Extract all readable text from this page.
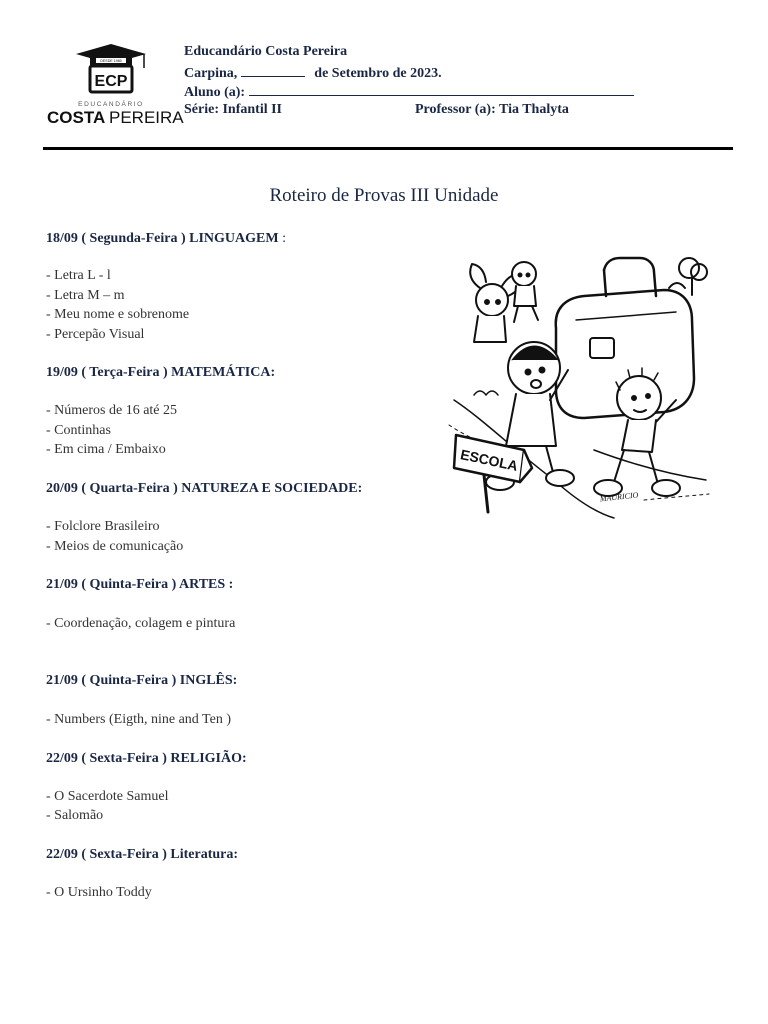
DESDE 1980
ECP
EDUCANDÁRIO
COSTA PEREIRA
Educandário Costa Pereira
Carpina,	de Setembro de 2023.
Aluno (a):
Série: Infantil II	Professor (a): Tia Thalyta
Roteiro de Provas III Unidade
18/09 ( Segunda-Feira ) LINGUAGEM :
- Letra L - l
- Letra M – m
- Meu nome e sobrenome
- Percepão Visual
19/09 ( Terça-Feira ) MATEMÁTICA:
- Números de 16 até 25
- Continhas
- Em cima / Embaixo
20/09 ( Quarta-Feira ) NATUREZA E SOCIEDADE:
- Folclore Brasileiro
- Meios de comunicação
21/09 ( Quinta-Feira ) ARTES :
- Coordenação, colagem e pintura
21/09 ( Quinta-Feira ) INGLÊS:
- Numbers (Eigth, nine and Ten )
22/09 ( Sexta-Feira ) RELIGIÃO:
- O Sacerdote Samuel
- Salomão
22/09 ( Sexta-Feira ) Literatura:
- O Ursinho Toddy
ESCOLA
MAURICIO
